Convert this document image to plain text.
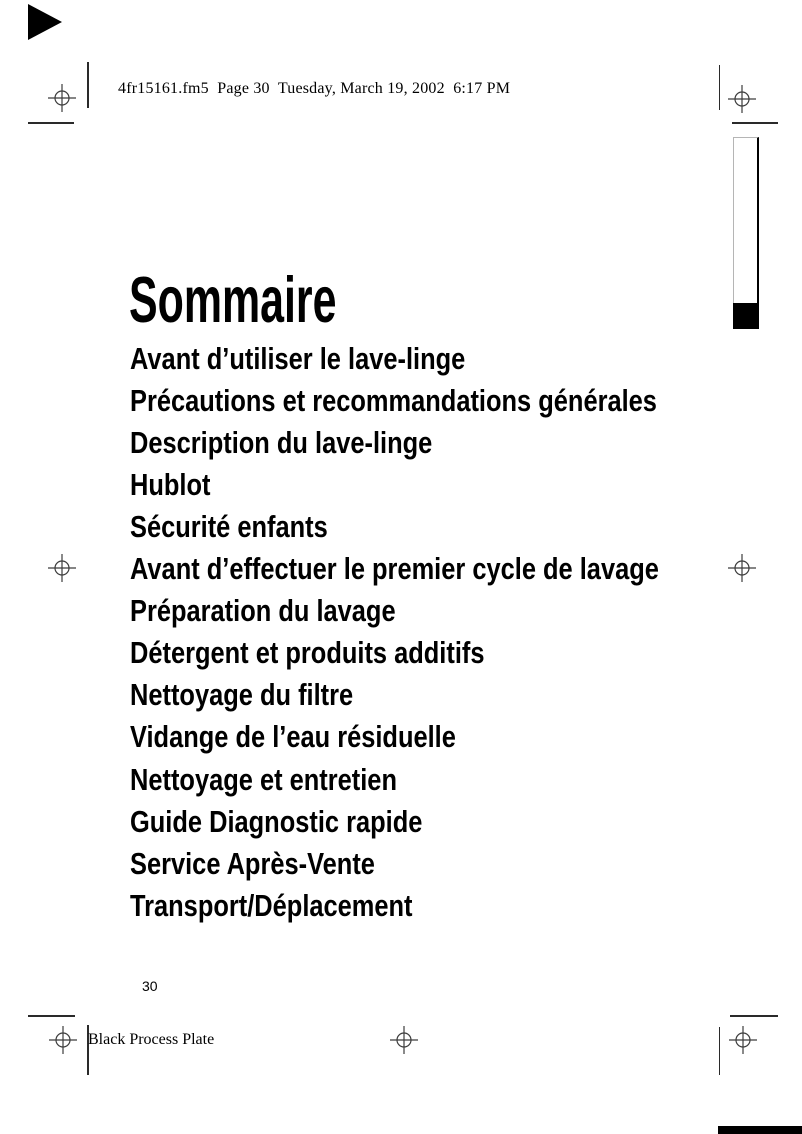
4fr15161.fm5  Page 30  Tuesday, March 19, 2002  6:17 PM
Sommaire
Avant d’utiliser le lave-linge
Précautions et recommandations générales
Description du lave-linge
Hublot
Sécurité enfants
Avant d’effectuer le premier cycle de lavage
Préparation du lavage
Détergent et produits additifs
Nettoyage du filtre
Vidange de l’eau résiduelle
Nettoyage et entretien
Guide Diagnostic rapide
Service Après-Vente
Transport/Déplacement
30
Black Process Plate
